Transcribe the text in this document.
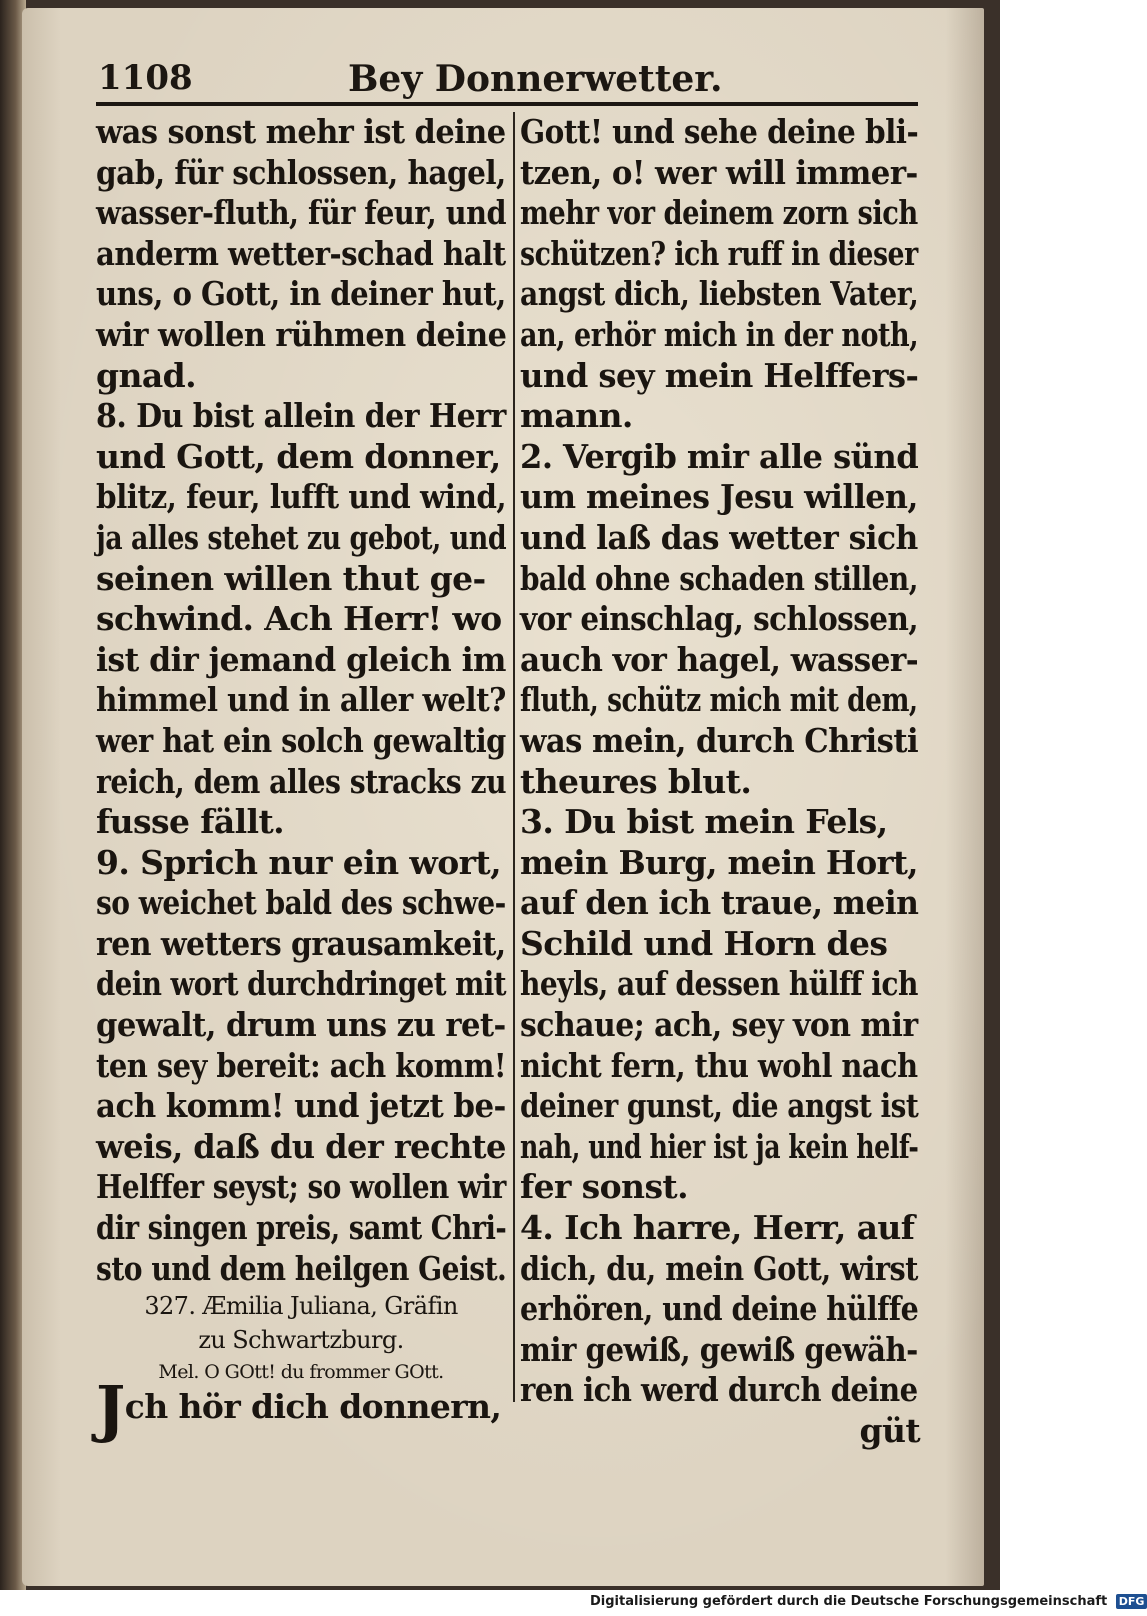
1108	Bey Donnerwetter.
was sonst mehr ist deine
gab, für schlossen, hagel,
wasser-fluth, für feur, und
anderm wetter-schad halt
uns, o Gott, in deiner hut,
wir wollen rühmen deine
gnad.
8. Du bist allein der Herr
und Gott, dem donner,
blitz, feur, lufft und wind,
ja alles stehet zu gebot, und
seinen willen thut ge-
schwind. Ach Herr! wo
ist dir jemand gleich im
himmel und in aller welt?
wer hat ein solch gewaltig
reich, dem alles stracks zu
fusse fällt.
9. Sprich nur ein wort,
so weichet bald des schwe-
ren wetters grausamkeit,
dein wort durchdringet mit
gewalt, drum uns zu ret-
ten sey bereit: ach komm!
ach komm! und jetzt be-
weis, daß du der rechte
Helffer seyst; so wollen wir
dir singen preis, samt Chri-
sto und dem heilgen Geist.
327. Æmilia Juliana, Gräfin
zu Schwartzburg.
Mel. O GOtt! du frommer GOtt.
Jch hör dich donnern,
Gott! und sehe deine bli-
tzen, o! wer will immer-
mehr vor deinem zorn sich
schützen? ich ruff in dieser
angst dich, liebsten Vater,
an, erhör mich in der noth,
und sey mein Helffers-
mann.
2. Vergib mir alle sünd
um meines Jesu willen,
und laß das wetter sich
bald ohne schaden stillen,
vor einschlag, schlossen,
auch vor hagel, wasser-
fluth, schütz mich mit dem,
was mein, durch Christi
theures blut.
3. Du bist mein Fels,
mein Burg, mein Hort,
auf den ich traue, mein
Schild und Horn des
heyls, auf dessen hülff ich
schaue; ach, sey von mir
nicht fern, thu wohl nach
deiner gunst, die angst ist
nah, und hier ist ja kein helf-
fer sonst.
4. Ich harre, Herr, auf
dich, du, mein Gott, wirst
erhören, und deine hülffe
mir gewiß, gewiß gewäh-
ren ich werd durch deine
güt
Digitalisierung gefördert durch die Deutsche Forschungsgemeinschaft DFG
